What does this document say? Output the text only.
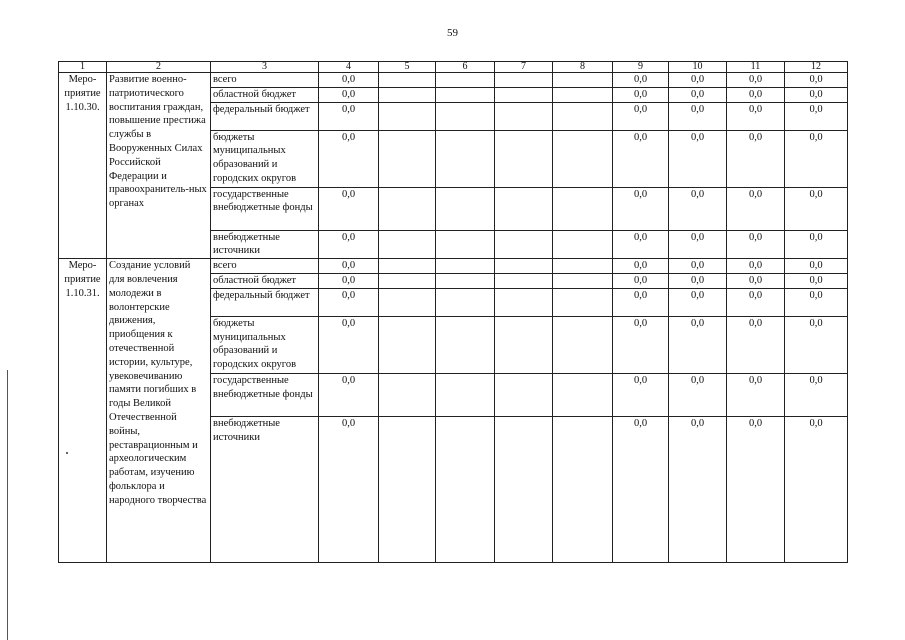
59
1	2	3	4	5	6	7	8	9	10	11	12
Меро-приятие 1.10.30.	Развитие военно-патриотического воспитания граждан, повышение престижа службы в Вооруженных Силах Российской Федерации и правоохранитель-ных органах	всего	0,0					0,0	0,0	0,0	0,0
		областной бюджет	0,0					0,0	0,0	0,0	0,0
		федеральный бюджет	0,0					0,0	0,0	0,0	0,0
		бюджеты муниципальных образований и городских округов	0,0					0,0	0,0	0,0	0,0
		государственные внебюджетные фонды	0,0					0,0	0,0	0,0	0,0
		внебюджетные источники	0,0					0,0	0,0	0,0	0,0
Меро-приятие 1.10.31.	Создание условий для вовлечения молодежи в волонтерские движения, приобщения к отечественной истории, культуре, увековечиванию памяти погибших в годы Великой Отечественной войны, реставрационным и археологическим работам, изучению фольклора и народного творчества	всего	0,0					0,0	0,0	0,0	0,0
		областной бюджет	0,0					0,0	0,0	0,0	0,0
		федеральный бюджет	0,0					0,0	0,0	0,0	0,0
		бюджеты муниципальных образований и городских округов	0,0					0,0	0,0	0,0	0,0
		государственные внебюджетные фонды	0,0					0,0	0,0	0,0	0,0
		внебюджетные источники	0,0					0,0	0,0	0,0	0,0
